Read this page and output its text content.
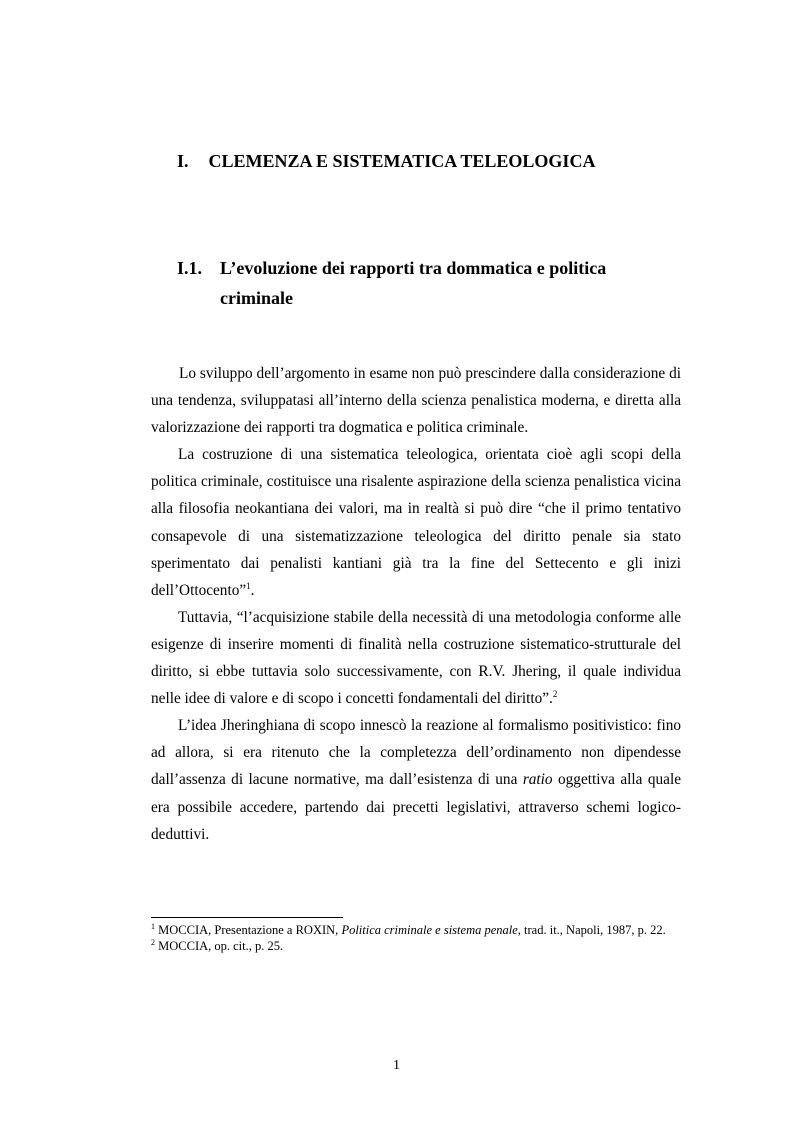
I. CLEMENZA E SISTEMATICA TELEOLOGICA
I.1. L’evoluzione dei rapporti tra dommatica e politica
criminale

Lo sviluppo dell’argomento in esame non può prescindere dalla considerazione di una tendenza, sviluppatasi all’interno della scienza penalistica moderna, e diretta alla valorizzazione dei rapporti tra dogmatica e politica criminale.

La costruzione di una sistematica teleologica, orientata cioè agli scopi della politica criminale, costituisce una risalente aspirazione della scienza penalistica vicina alla filosofia neokantiana dei valori, ma in realtà si può dire “che il primo tentativo consapevole di una sistematizzazione teleologica del diritto penale sia stato sperimentato dai penalisti kantiani già tra la fine del Settecento e gli inizi dell’Ottocento”$^1$.

Tuttavia, “l’acquisizione stabile della necessità di una metodologia conforme alle esigenze di inserire momenti di finalità nella costruzione sistematico-strutturale del diritto, si ebbe tuttavia solo successivamente, con R.V. Jhering, il quale individua nelle idee di valore e di scopo i concetti fondamentali del diritto”.$^2$

L’idea Jheringhiana di scopo innescò la reazione al formalismo positivistico: fino ad allora, si era ritenuto che la completezza dell’ordinamento non dipendesse dall’assenza di lacune normative, ma dall’esistenza di una ratio oggettiva alla quale era possibile accedere, partendo dai precetti legislativi, attraverso schemi logico-deduttivi.

$^1$ MOCCIA, Presentazione a ROXIN, Politica criminale e sistema penale, trad. it., Napoli, 1987, p. 22.

$^2$ MOCCIA, op. cit., p. 25.

1
